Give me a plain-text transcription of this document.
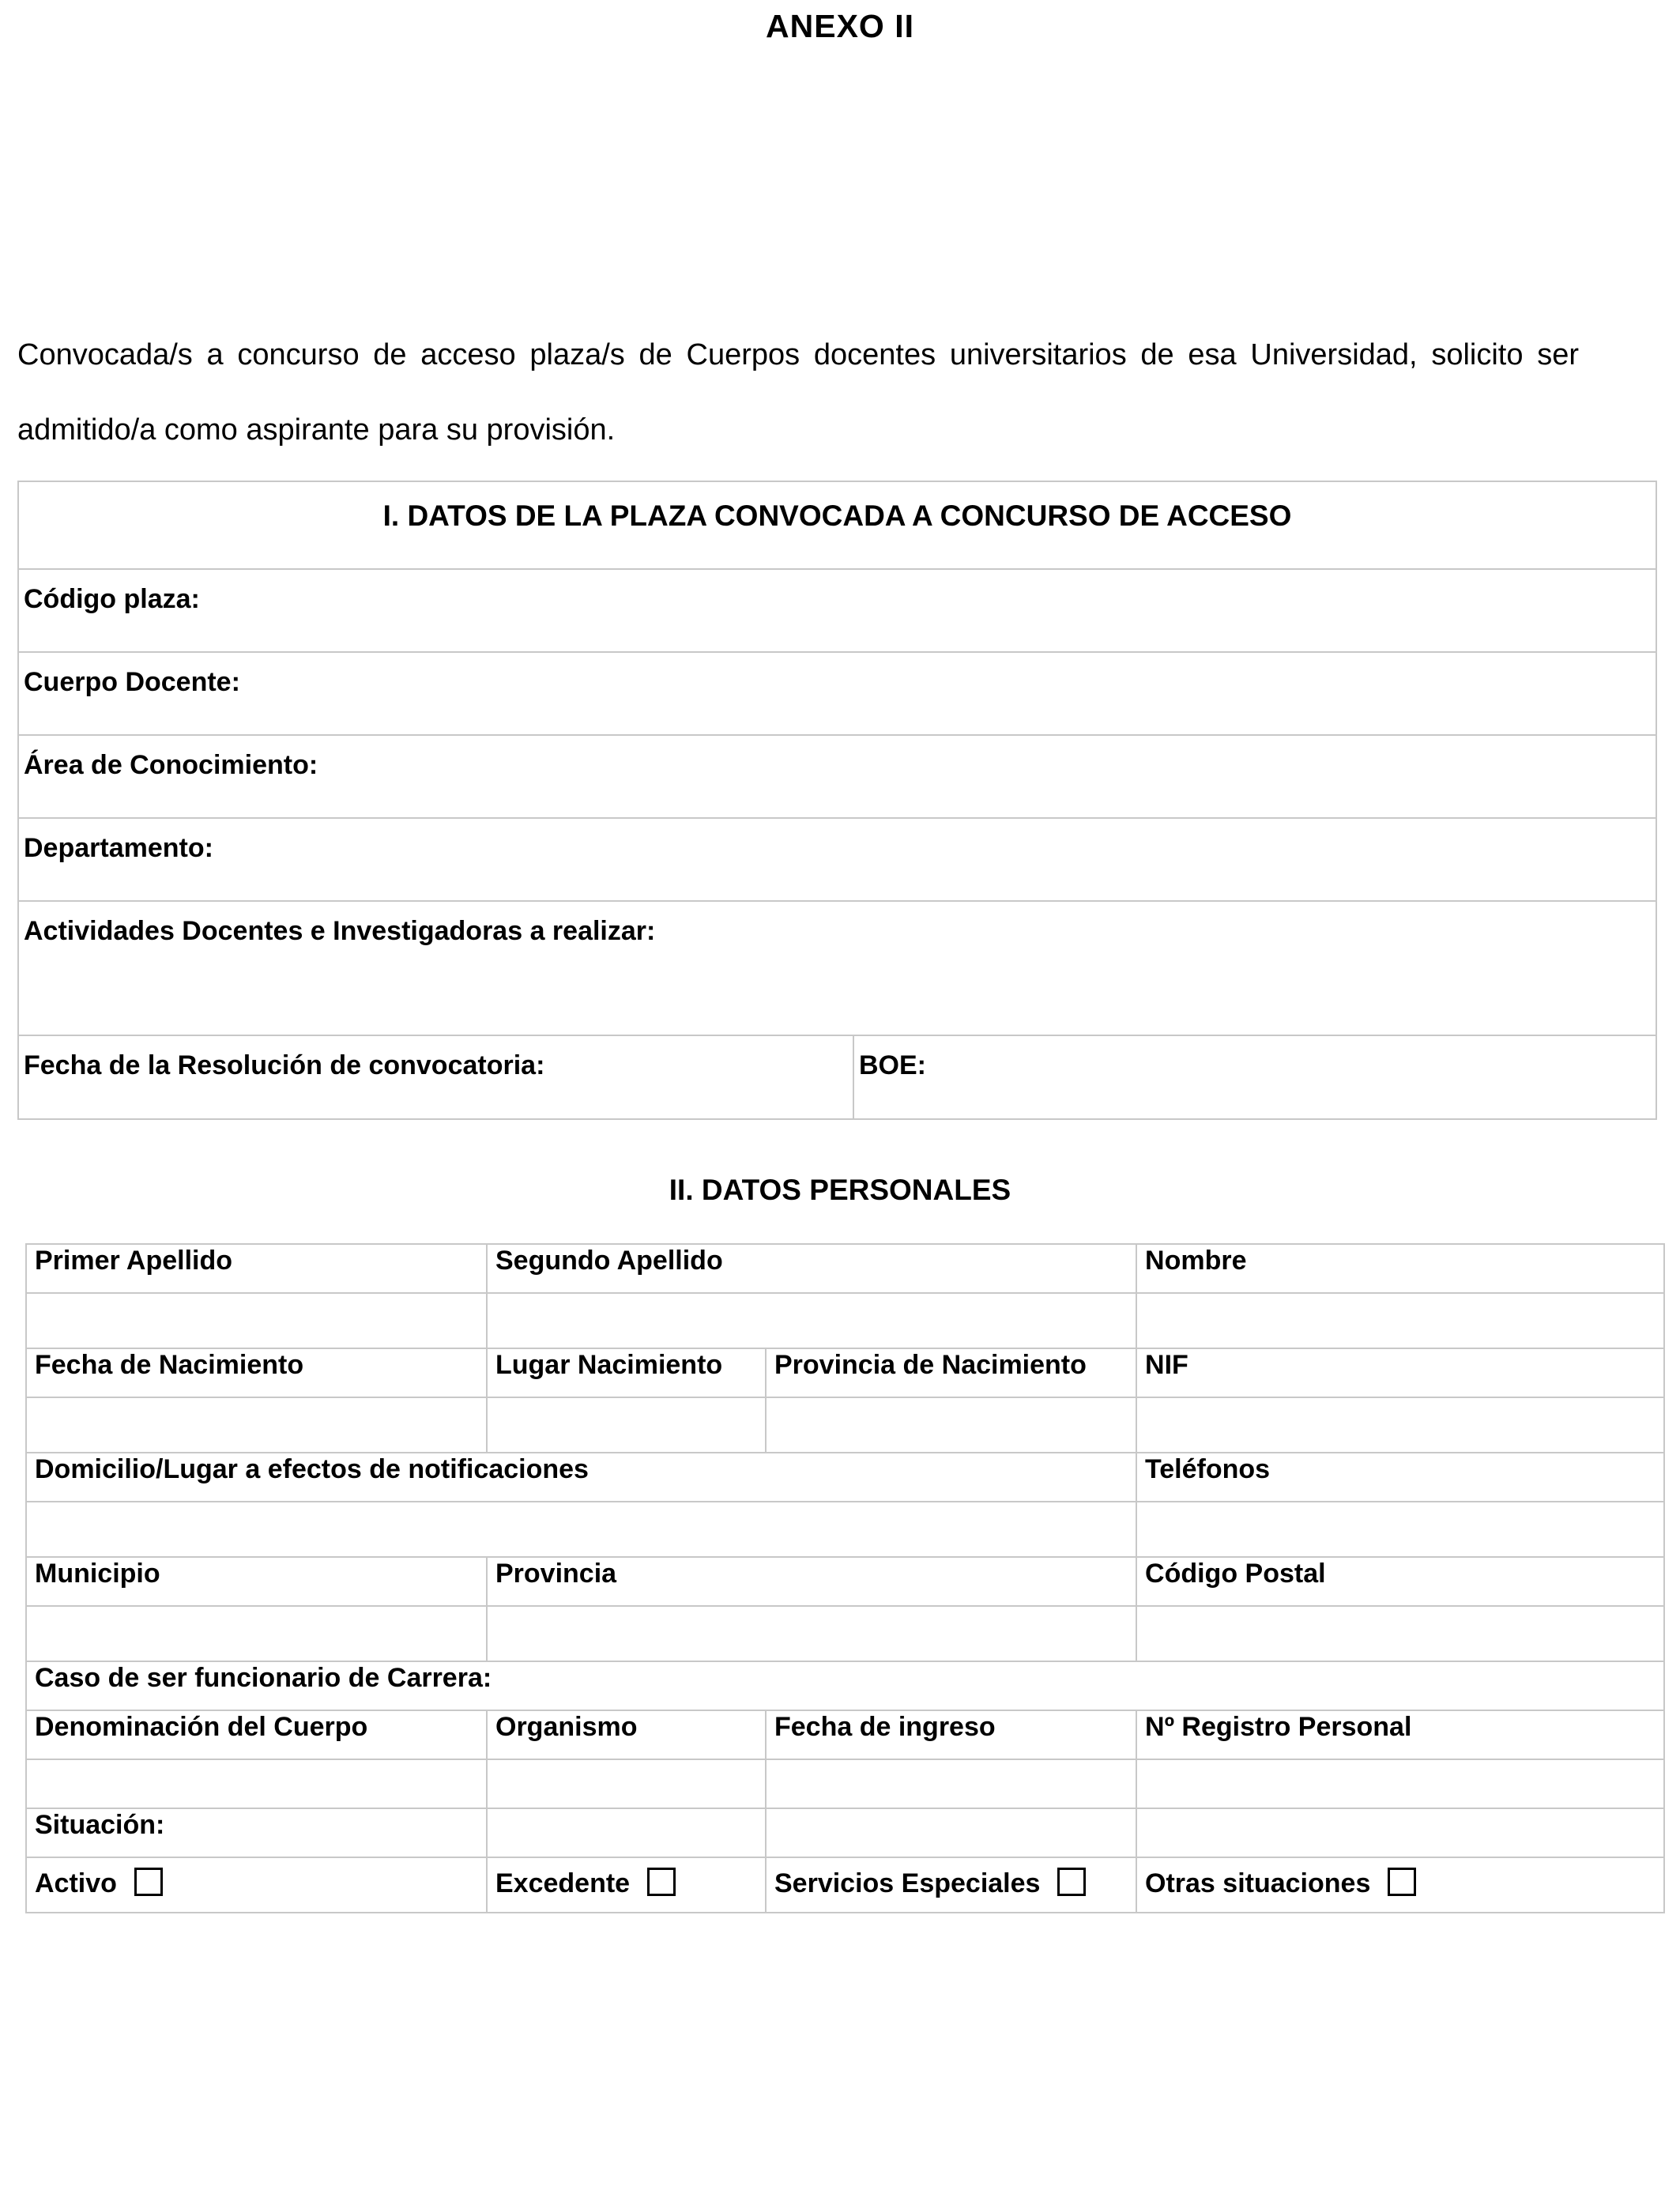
ANEXO II

Convocada/s a concurso de acceso plaza/s de Cuerpos docentes universitarios de esa Universidad, solicito ser admitido/a como aspirante para su provisión.

I. DATOS DE LA PLAZA CONVOCADA A CONCURSO DE ACCESO
Código plaza:
Cuerpo Docente:
Área de Conocimiento:
Departamento:
Actividades Docentes e Investigadoras a realizar:
Fecha de la Resolución de convocatoria:	BOE:
II. DATOS PERSONALES
Primer Apellido	Segundo Apellido		Nombre

Fecha de Nacimiento	Lugar Nacimiento	Provincia de Nacimiento	NIF

Domicilio/Lugar a efectos de notificaciones			Teléfonos

Municipio	Provincia		Código Postal

Caso de ser funcionario de Carrera:			
Denominación del Cuerpo	Organismo	Fecha de ingreso	Nº Registro Personal

Situación:			
Activo	Excedente	Servicios Especiales	Otras situaciones
